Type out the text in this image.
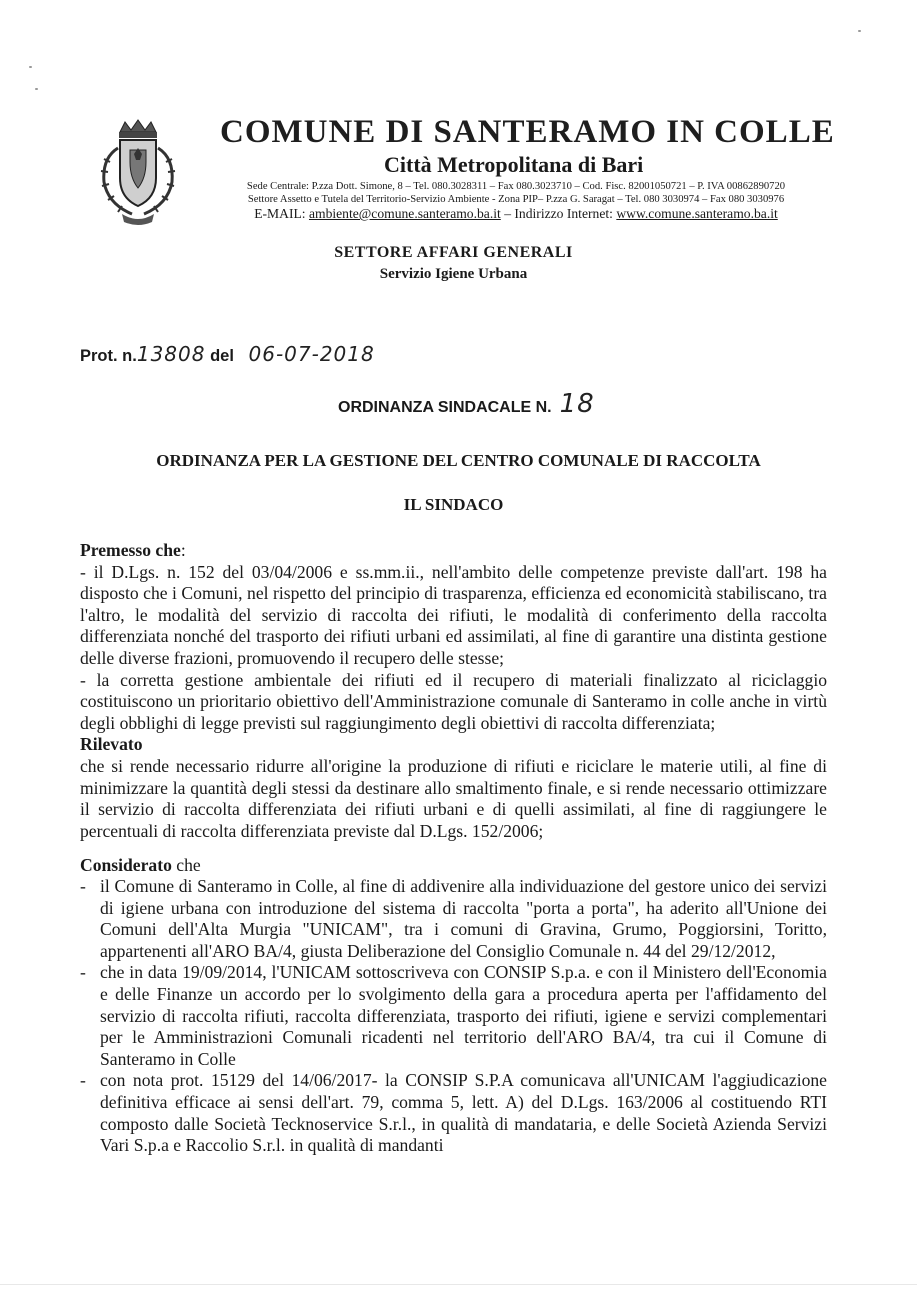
COMUNE DI SANTERAMO IN COLLE
Città Metropolitana di Bari
Sede Centrale: P.zza Dott. Simone, 8 – Tel. 080.3028311 – Fax 080.3023710 – Cod. Fisc. 82001050721 – P. IVA 00862890720
Settore Assetto e Tutela del Territorio-Servizio Ambiente - Zona PIP– P.zza G. Saragat – Tel. 080 3030974 – Fax 080 3030976
E-MAIL: ambiente@comune.santeramo.ba.it – Indirizzo Internet: www.comune.santeramo.ba.it
SETTORE AFFARI GENERALI
Servizio Igiene Urbana
Prot. n.13808 del 06-07-2018
ORDINANZA SINDACALE N. 18
ORDINANZA PER LA GESTIONE DEL CENTRO COMUNALE DI RACCOLTA
IL SINDACO

Premesso che:

- il D.Lgs. n. 152 del 03/04/2006 e ss.mm.ii., nell'ambito delle competenze previste dall'art. 198 ha disposto che i Comuni, nel rispetto del principio di trasparenza, efficienza ed economicità stabiliscano, tra l'altro, le modalità del servizio di raccolta dei rifiuti, le modalità di conferimento della raccolta differenziata nonché del trasporto dei rifiuti urbani ed assimilati, al fine di garantire una distinta gestione delle diverse frazioni, promuovendo il recupero delle stesse;

- la corretta gestione ambientale dei rifiuti ed il recupero di materiali finalizzato al riciclaggio costituiscono un prioritario obiettivo dell'Amministrazione comunale di Santeramo in colle anche in virtù degli obblighi di legge previsti sul raggiungimento degli obiettivi di raccolta differenziata;

Rilevato

che si rende necessario ridurre all'origine la produzione di rifiuti e riciclare le materie utili, al fine di minimizzare la quantità degli stessi da destinare allo smaltimento finale, e si rende necessario ottimizzare il servizio di raccolta differenziata dei rifiuti urbani e di quelli assimilati, al fine di raggiungere le percentuali di raccolta differenziata previste dal D.Lgs. 152/2006;

Considerato che

- il Comune di Santeramo in Colle, al fine di addivenire alla individuazione del gestore unico dei servizi di igiene urbana con introduzione del sistema di raccolta "porta a porta", ha aderito all'Unione dei Comuni dell'Alta Murgia "UNICAM", tra i comuni di Gravina, Grumo, Poggiorsini, Toritto, appartenenti all'ARO BA/4, giusta Deliberazione del Consiglio Comunale n. 44 del 29/12/2012,

- che in data 19/09/2014, l'UNICAM sottoscriveva con CONSIP S.p.a. e con il Ministero dell'Economia e delle Finanze un accordo per lo svolgimento della gara a procedura aperta per l'affidamento del servizio di raccolta rifiuti, raccolta differenziata, trasporto dei rifiuti, igiene e servizi complementari per le Amministrazioni Comunali ricadenti nel territorio dell'ARO BA/4, tra cui il Comune di Santeramo in Colle

- con nota prot. 15129 del 14/06/2017- la CONSIP S.P.A comunicava all'UNICAM l'aggiudicazione definitiva efficace ai sensi dell'art. 79, comma 5, lett. A) del D.Lgs. 163/2006 al costituendo RTI composto dalle Società Tecknoservice S.r.l., in qualità di mandataria, e delle Società Azienda Servizi Vari S.p.a e Raccolio S.r.l. in qualità di mandanti
